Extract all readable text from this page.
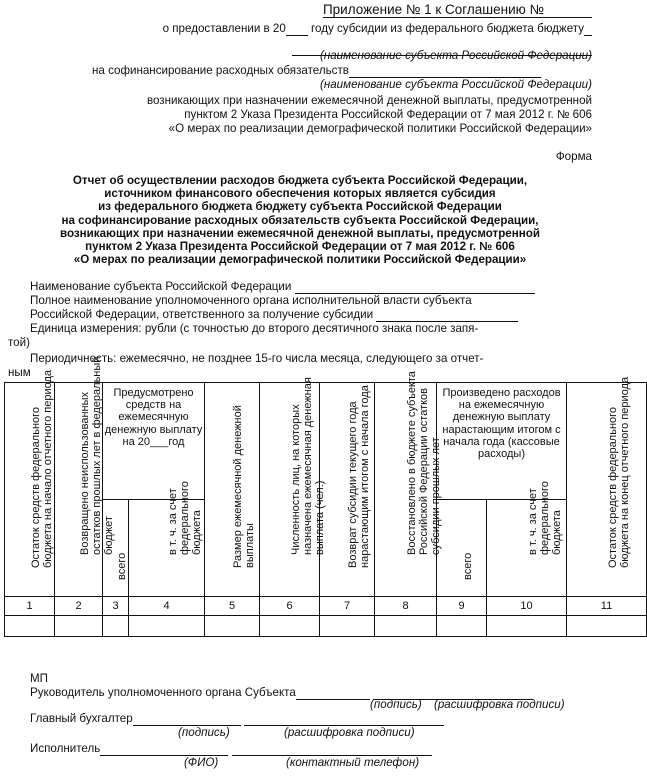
Приложение № 1 к Соглашению №
о предоставлении в 20 году субсидии из федерального бюджета бюджету
(наименование субъекта Российской Федерации)
на софинансирование расходных обязательств
(наименование субъекта Российской Федерации)
возникающих при назначении ежемесячной денежной выплаты, предусмотренной
пунктом 2 Указа Президента Российской Федерации от 7 мая 2012 г. № 606
«О мерах по реализации демографической политики Российской Федерации»
Форма
Отчет об осуществлении расходов бюджета субъекта Российской Федерации,
источником финансового обеспечения которых является субсидия
из федерального бюджета бюджету субъекта Российской Федерации
на софинансирование расходных обязательств субъекта Российской Федерации,
возникающих при назначении ежемесячной денежной выплаты, предусмотренной
пунктом 2 Указа Президента Российской Федерации от 7 мая 2012 г. № 606
«О мерах по реализации демографической политики Российской Федерации»
Наименование субъекта Российской Федерации
Полное наименование уполномоченного органа исполнительной власти субъекта
Российской Федерации, ответственного за получение субсидии
Единица измерения: рубли (с точностью до второго десятичного знака после запя-
той)
Периодичность: ежемесячно, не позднее 15-го числа месяца, следующего за отчет-
ным
Остаток средств федерального бюджета на начало отчетного периода	Возвращено неиспользованных остатков прошлых лет в федеральный бюджет	Предусмотрено средств на ежемесячную денежную выплату на 20___год		Размер ежемесячной денежной выплаты	Численность лиц, на которых назначена ежемесячная денежная выплата (чел.)	Возврат субсидии текущего года нарастающим итогом с начала года	Восстановлено в бюджете субъекта Российской Федерации остатков субсидии прошлых лет	Произведено расходов на ежемесячную денежную выплату нарастающим итогом с начала года (кассовые расходы)		Остаток средств федерального бюджета на конец отчетного периода

		всего	в т. ч. за счет федерального бюджета					всего	в т. ч. за счет федерального бюджета	

1	2	3	4	5	6	7	8	9	10	11

МП
Руководитель уполномоченного органа Субъекта
(подпись) (расшифровка подписи)
Главный бухгалтер
(подпись)	(расшифровка подписи)
Исполнитель
(ФИО)	(контактный телефон)
